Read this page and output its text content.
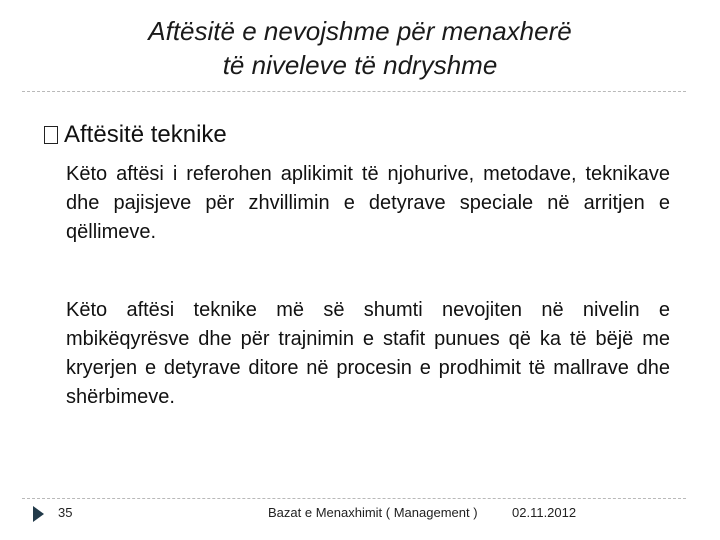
Aftësitë e nevojshme për menaxherë
të niveleve të ndryshme
Aftësitë teknike
Këto aftësi i referohen aplikimit të njohurive, metodave, teknikave dhe pajisjeve për zhvillimin e detyrave speciale në arritjen e qëllimeve.
Këto aftësi teknike më së shumti nevojiten në nivelin e mbikëqyrësve dhe për trajnimin e stafit punues që ka të bëjë me kryerjen e detyrave ditore në procesin e prodhimit të mallrave dhe shërbimeve.
35	Bazat e Menaxhimit ( Management )	02.11.2012
